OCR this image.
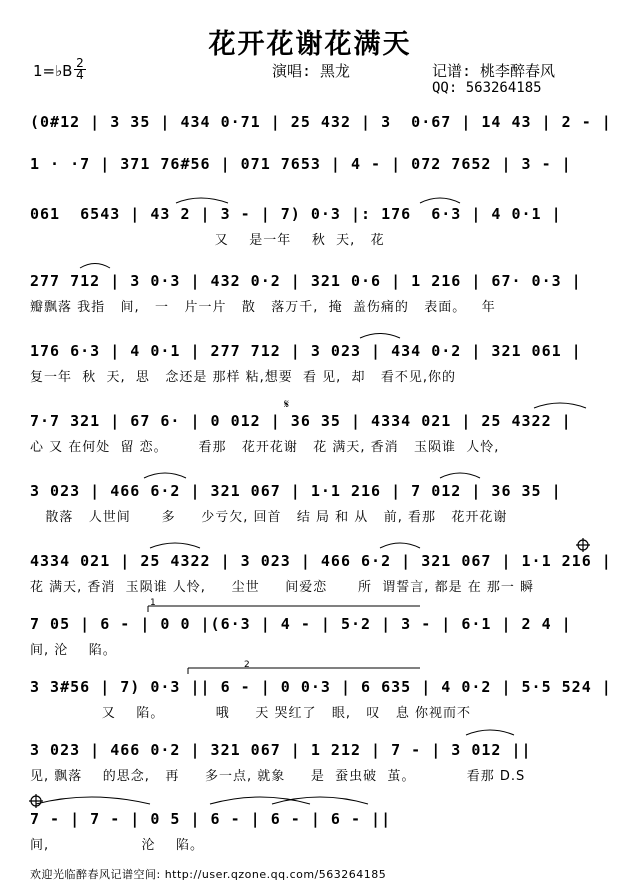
花开花谢花满天
1=♭B 2
4	演唱: 黑龙	记谱: 桃李醉春风
QQ: 563264185
(0#12 | 3 35 | 434 0·71 | 25 432 | 3  0·67 | 14 43 | 2 - |
1 · ·7 | 371 76#56 | 071 7653 | 4 - | 072 7652 | 3 - |
061  6543 | 43 2 | 3 - | 7) 0·3 |: 176  6·3 | 4 0·1 |
又    是一年    秋  天,   花
277 712 | 3 0·3 | 432 0·2 | 321 0·6 | 1 216 | 67· 0·3 |
瓣飘落 我指   间,   一   片一片   散   落万千,  掩  盖伤痛的   表面。   年
176 6·3 | 4 0·1 | 277 712 | 3 023 | 434 0·2 | 321 061 |
复一年  秋  天,  思   念还是 那样 粘,想要  看 见,  却   看不见,你的
7·7 321 | 67 6· | 0 012 | 36 35 | 4334 021 | 25 4322 |
心 又 在何处  留 恋。      看那   花开花谢   花 满天, 香消   玉陨谁  人怜,
3 023 | 466 6·2 | 321 067 | 1·1 216 | 7 012 | 36 35 |
散落   人世间      多     少亏欠, 回首   结 局 和 从   前, 看那   花开花谢
4334 021 | 25 4322 | 3 023 | 466 6·2 | 321 067 | 1·1 216 |
花 满天, 香消  玉陨谁 人怜,     尘世     间爱恋      所  谓誓言, 都是 在 那一 瞬
7 05 | 6 - | 0 0 |(6·3 | 4 - | 5·2 | 3 - | 6·1 | 2 4 |
间, 沦    陷。
3 3#56 | 7) 0·3 || 6 - | 0 0·3 | 6 635 | 4 0·2 | 5·5 524 |
又    陷。          哦     天 哭红了   眼,   叹   息 你视而不
3 023 | 466 0·2 | 321 067 | 1 212 | 7 - | 3 012 ||
见, 飘落    的思念,   再     多一点, 就象     是  蚕虫破  茧。          看那 D.S
7 - | 7 - | 0 5 | 6 - | 6 - | 6 - ||
间,                  沦    陷。
1
2
𝄋
欢迎光临醉春风记谱空间: http://user.qzone.qq.com/563264185
